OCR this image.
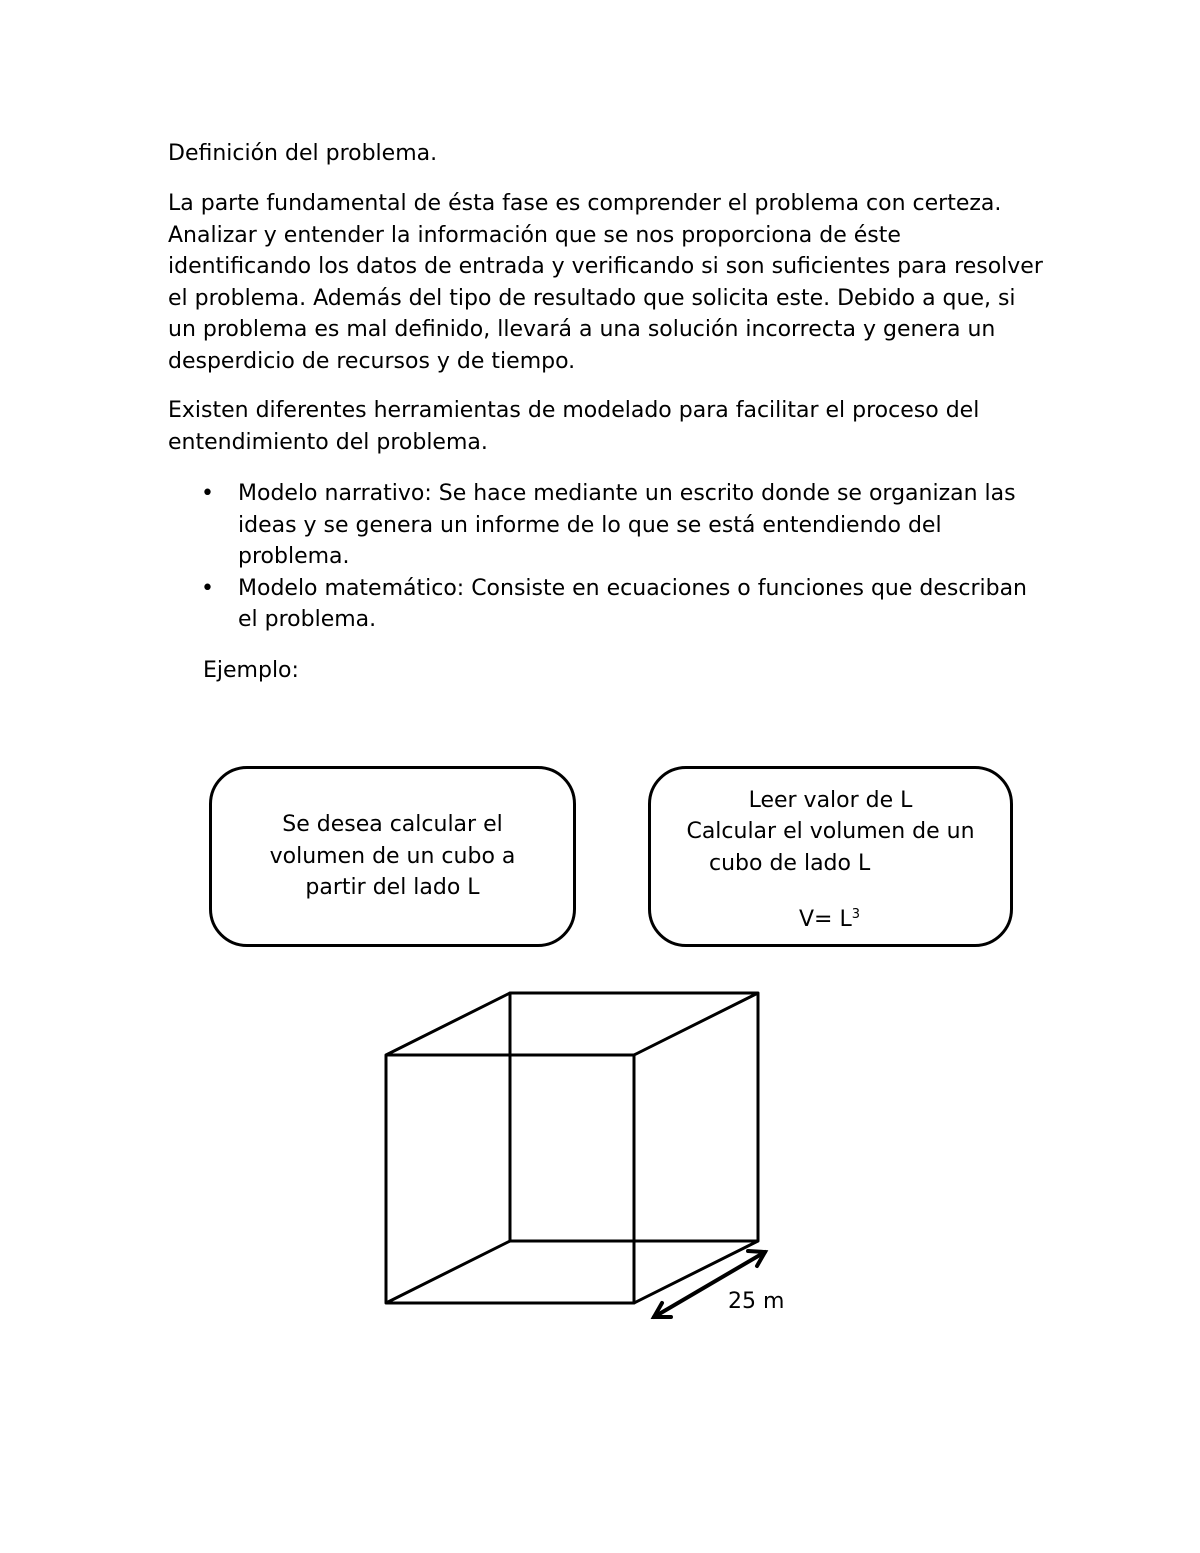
Definición del problema.

La parte fundamental de ésta fase es comprender el problema con certeza. Analizar y entender la información que se nos proporciona de éste identificando los datos de entrada y verificando si son suficientes para resolver el problema. Además del tipo de resultado que solicita este. Debido a que, si un problema es mal definido, llevará a una solución incorrecta y genera un desperdicio de recursos y de tiempo.

Existen diferentes herramientas de modelado para facilitar el proceso del entendimiento del problema.

• Modelo narrativo: Se hace mediante un escrito donde se organizan las ideas y se genera un informe de lo que se está entendiendo del problema.
• Modelo matemático: Consiste en ecuaciones o funciones que describan el problema.

Ejemplo:

Se desea calcular el
volumen de un cubo a
partir del lado L
Leer valor de L
Calcular el volumen de un
cubo de lado L
$V= L^3$
25 m
